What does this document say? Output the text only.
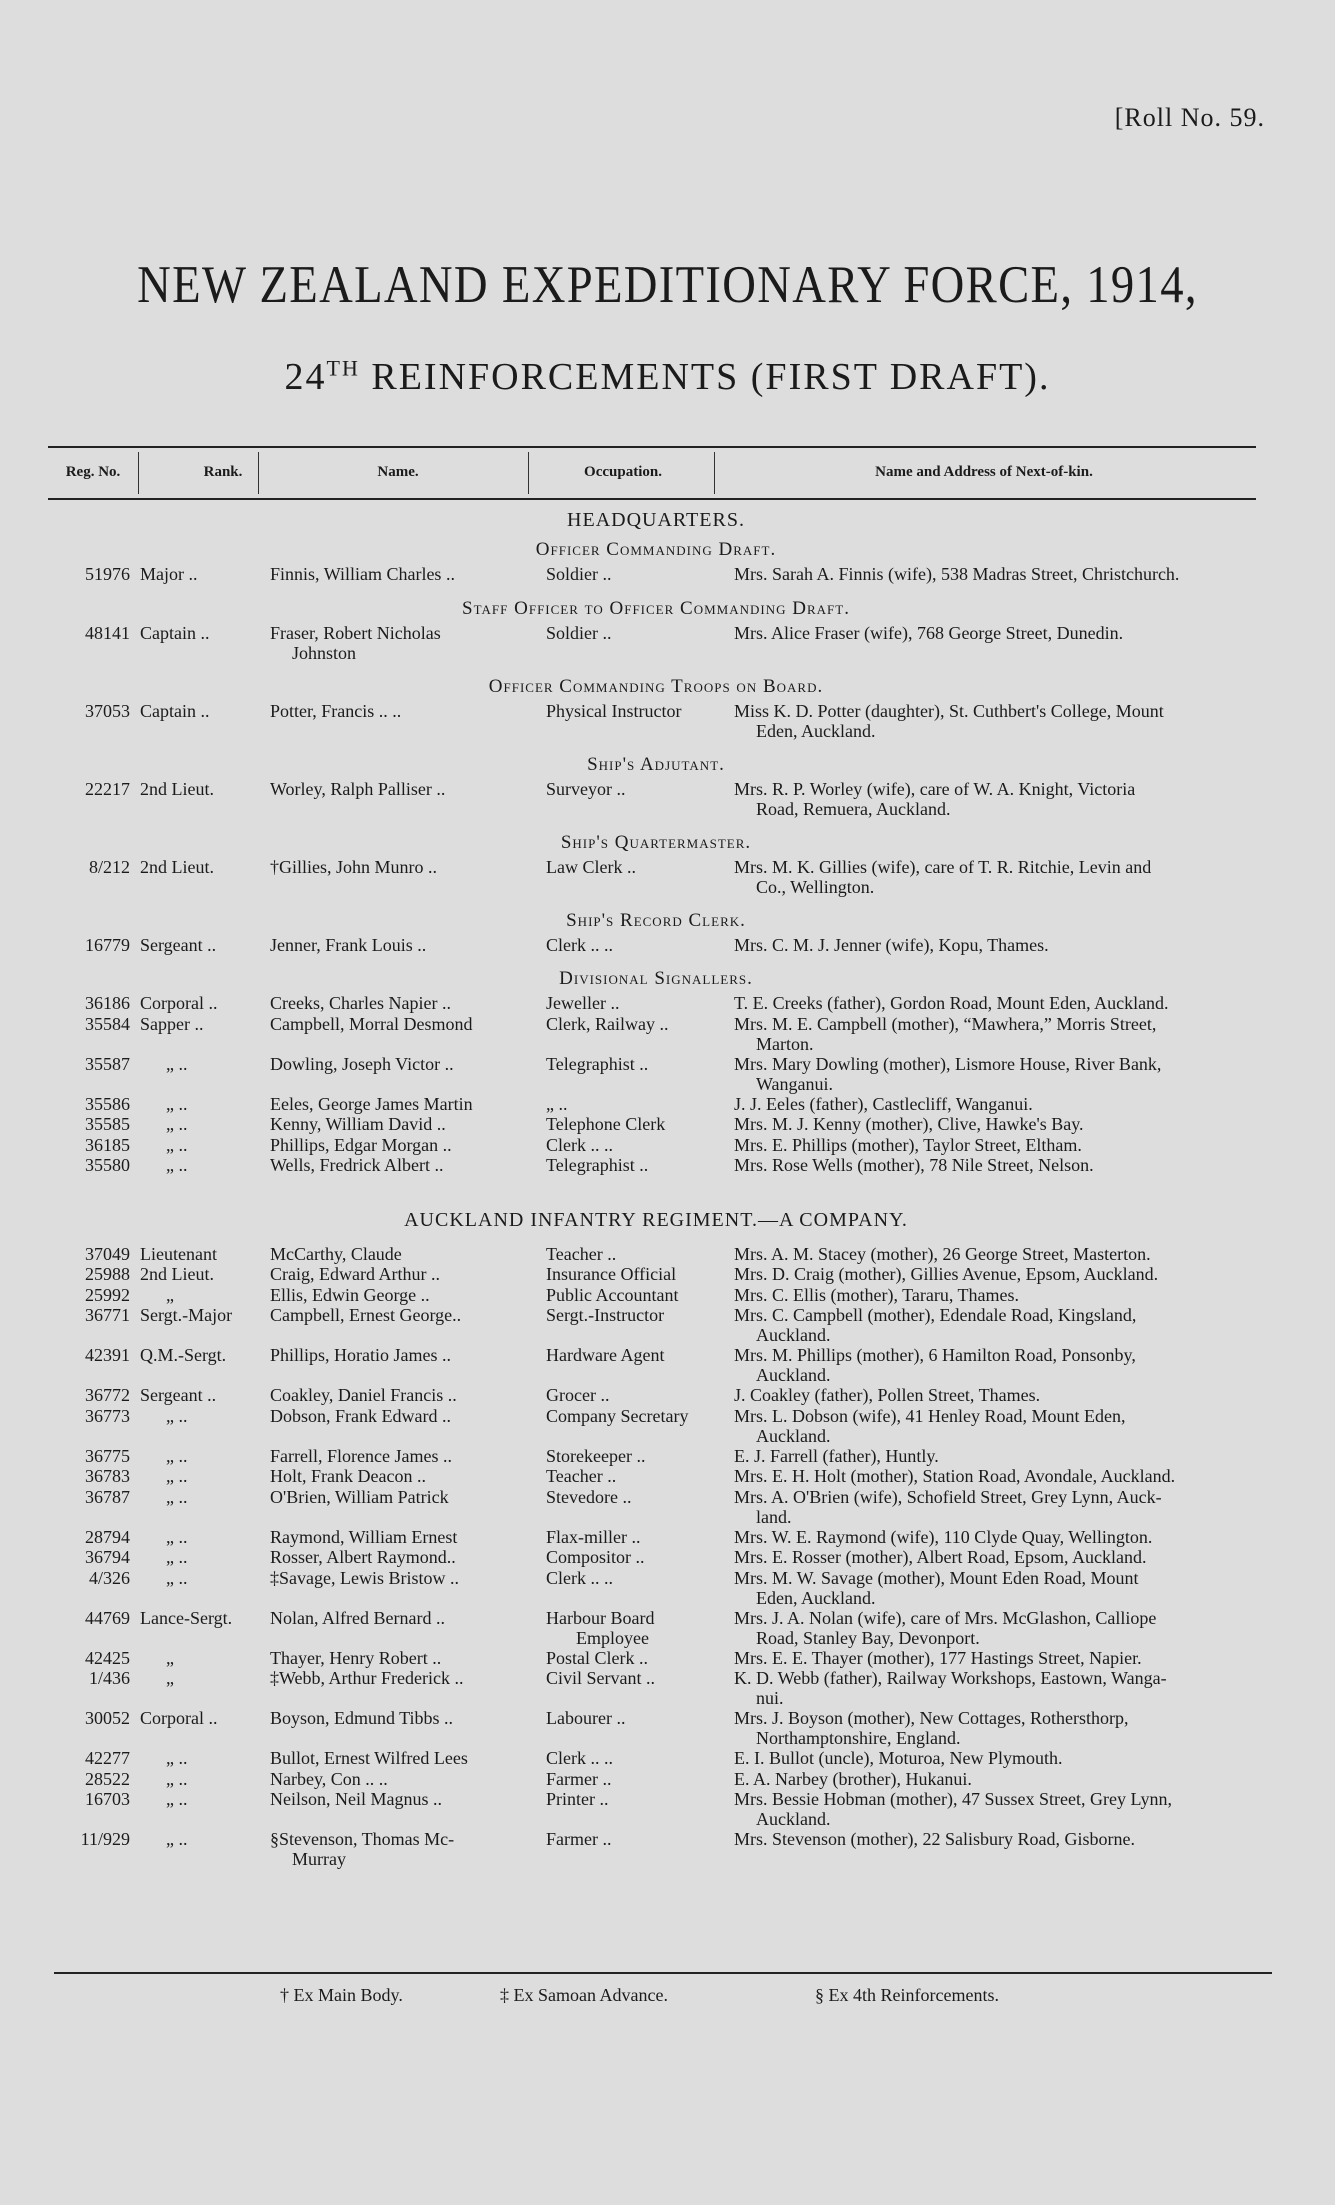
[Roll No. 59.
NEW ZEALAND EXPEDITIONARY FORCE, 1914,
24TH REINFORCEMENTS (FIRST DRAFT).
Reg. No.	Rank.	Name.	Occupation.	Name and Address of Next-of-kin.
HEADQUARTERS.
Officer Commanding Draft.
51976 Major ..	Finnis, William Charles ..	Soldier ..	Mrs. Sarah A. Finnis (wife), 538 Madras Street, Christchurch.
Staff Officer to Officer Commanding Draft.
48141 Captain ..	Fraser, Robert Nicholas
Johnston
Soldier ..	Mrs. Alice Fraser (wife), 768 George Street, Dunedin.
Officer Commanding Troops on Board.
37053 Captain ..	Potter, Francis .. ..	Physical Instructor	Miss K. D. Potter (daughter), St. Cuthbert's College, Mount
Eden, Auckland.
Ship's Adjutant.
22217 2nd Lieut.	Worley, Ralph Palliser ..	Surveyor ..	Mrs. R. P. Worley (wife), care of W. A. Knight, Victoria
Road, Remuera, Auckland.
Ship's Quartermaster.
8/212 2nd Lieut.	†Gillies, John Munro ..	Law Clerk ..	Mrs. M. K. Gillies (wife), care of T. R. Ritchie, Levin and
Co., Wellington.
Ship's Record Clerk.
16779 Sergeant ..	Jenner, Frank Louis ..	Clerk .. ..	Mrs. C. M. J. Jenner (wife), Kopu, Thames.
Divisional Signallers.
36186 Corporal ..	Creeks, Charles Napier ..	Jeweller ..	T. E. Creeks (father), Gordon Road, Mount Eden, Auckland.
35584 Sapper ..	Campbell, Morral Desmond	Clerk, Railway ..	Mrs. M. E. Campbell (mother), “Mawhera,” Morris Street,
Marton.
35587 „ ..	Dowling, Joseph Victor ..	Telegraphist ..	Mrs. Mary Dowling (mother), Lismore House, River Bank,
Wanganui.
35586 „ ..	Eeles, George James Martin	„ ..	J. J. Eeles (father), Castlecliff, Wanganui.
35585 „ ..	Kenny, William David ..	Telephone Clerk	Mrs. M. J. Kenny (mother), Clive, Hawke's Bay.
36185 „ ..	Phillips, Edgar Morgan ..	Clerk .. ..	Mrs. E. Phillips (mother), Taylor Street, Eltham.
35580 „ ..	Wells, Fredrick Albert ..	Telegraphist ..	Mrs. Rose Wells (mother), 78 Nile Street, Nelson.
AUCKLAND INFANTRY REGIMENT.—A COMPANY.
37049 Lieutenant	McCarthy, Claude	Teacher ..	Mrs. A. M. Stacey (mother), 26 George Street, Masterton.
25988 2nd Lieut.	Craig, Edward Arthur ..	Insurance Official	Mrs. D. Craig (mother), Gillies Avenue, Epsom, Auckland.
25992 „	Ellis, Edwin George ..	Public Accountant	Mrs. C. Ellis (mother), Tararu, Thames.
36771 Sergt.-Major	Campbell, Ernest George..	Sergt.-Instructor	Mrs. C. Campbell (mother), Edendale Road, Kingsland,
Auckland.
42391 Q.M.-Sergt.	Phillips, Horatio James ..	Hardware Agent	Mrs. M. Phillips (mother), 6 Hamilton Road, Ponsonby,
Auckland.
36772 Sergeant ..	Coakley, Daniel Francis ..	Grocer ..	J. Coakley (father), Pollen Street, Thames.
36773 „ ..	Dobson, Frank Edward ..	Company Secretary	Mrs. L. Dobson (wife), 41 Henley Road, Mount Eden,
Auckland.
36775 „ ..	Farrell, Florence James ..	Storekeeper ..	E. J. Farrell (father), Huntly.
36783 „ ..	Holt, Frank Deacon ..	Teacher ..	Mrs. E. H. Holt (mother), Station Road, Avondale, Auckland.
36787 „ ..	O'Brien, William Patrick	Stevedore ..	Mrs. A. O'Brien (wife), Schofield Street, Grey Lynn, Auck-
land.
28794 „ ..	Raymond, William Ernest	Flax-miller ..	Mrs. W. E. Raymond (wife), 110 Clyde Quay, Wellington.
36794 „ ..	Rosser, Albert Raymond..	Compositor ..	Mrs. E. Rosser (mother), Albert Road, Epsom, Auckland.
4/326 „ ..	‡Savage, Lewis Bristow ..	Clerk .. ..	Mrs. M. W. Savage (mother), Mount Eden Road, Mount
Eden, Auckland.
44769 Lance-Sergt.	Nolan, Alfred Bernard ..	Harbour Board
Employee
Mrs. J. A. Nolan (wife), care of Mrs. McGlashon, Calliope
Road, Stanley Bay, Devonport.
42425 „	Thayer, Henry Robert ..	Postal Clerk ..	Mrs. E. E. Thayer (mother), 177 Hastings Street, Napier.
1/436 „	‡Webb, Arthur Frederick ..	Civil Servant ..	K. D. Webb (father), Railway Workshops, Eastown, Wanga-
nui.
30052 Corporal ..	Boyson, Edmund Tibbs ..	Labourer ..	Mrs. J. Boyson (mother), New Cottages, Rothersthorp,
Northamptonshire, England.
42277 „ ..	Bullot, Ernest Wilfred Lees	Clerk .. ..	E. I. Bullot (uncle), Moturoa, New Plymouth.
28522 „ ..	Narbey, Con .. ..	Farmer ..	E. A. Narbey (brother), Hukanui.
16703 „ ..	Neilson, Neil Magnus ..	Printer ..	Mrs. Bessie Hobman (mother), 47 Sussex Street, Grey Lynn,
Auckland.
11/929 „ ..	§Stevenson, Thomas Mc-
Murray
Farmer ..	Mrs. Stevenson (mother), 22 Salisbury Road, Gisborne.
† Ex Main Body.	‡ Ex Samoan Advance.	§ Ex 4th Reinforcements.
